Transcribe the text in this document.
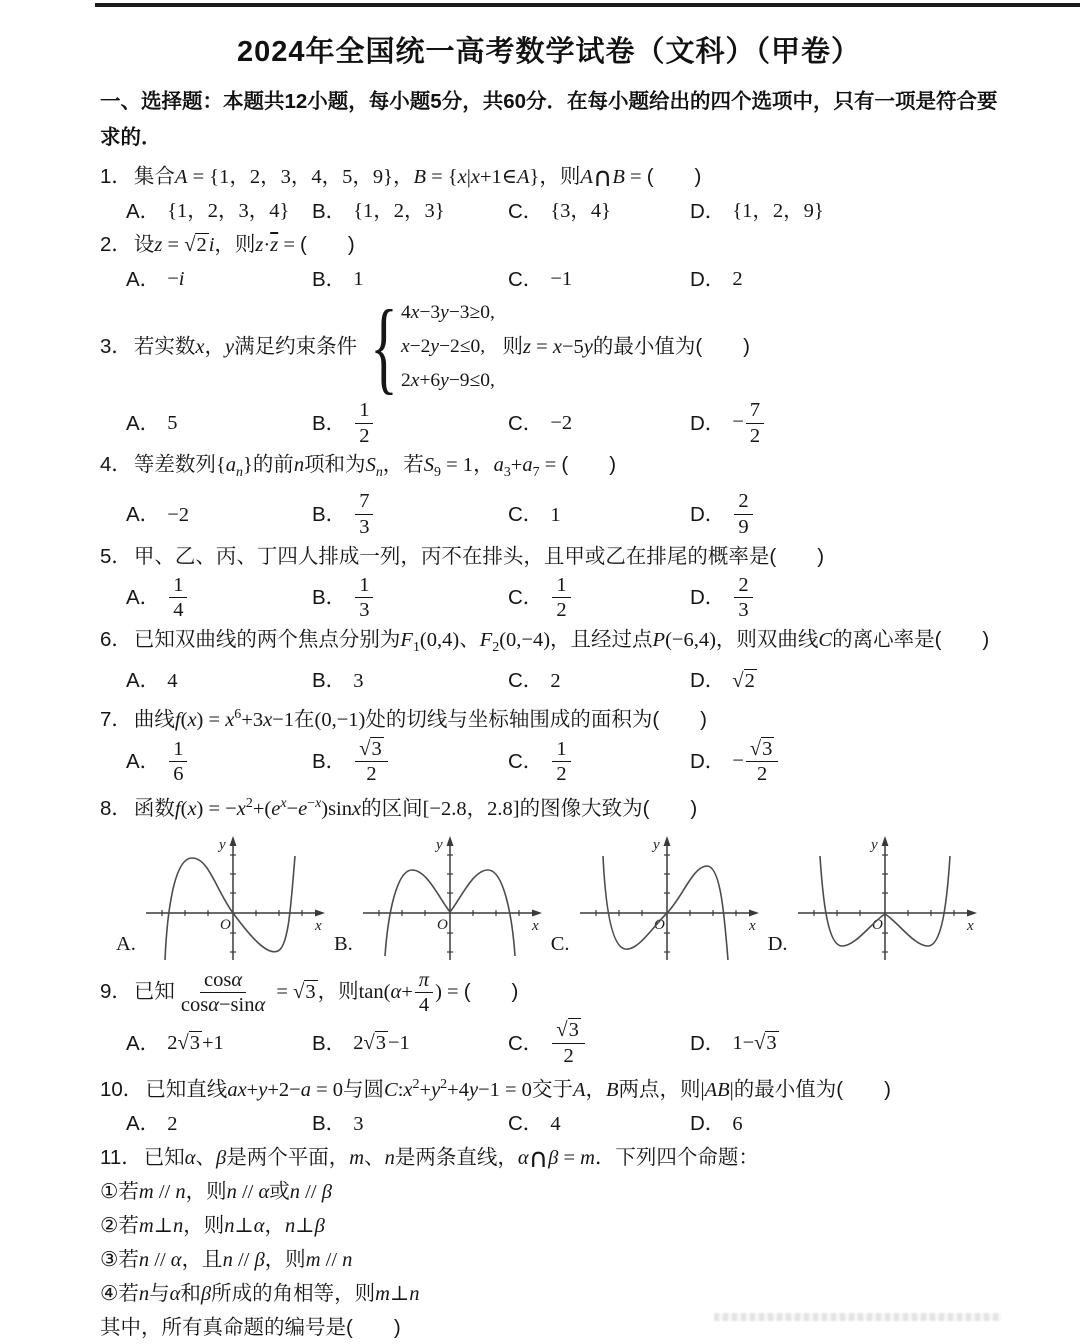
2024年全国统一高考数学试卷（文科）（甲卷）

一、选择题：本题共12小题，每小题5分，共60分．在每小题给出的四个选项中，只有一项是符合要求的．

1．集合A = {1，2，3，4，5，9}，B = {x|x+1∈A}，则A∩B = (  )
A． {1，2，3，4} B． {1，2，3}	C． {3，4}	D． {1，2，9}
2．设z = √2i，则$z\cdot\overline{z}$ = (  )
A． −i	B． 1	C． −1	D． 2
3．若实数x，y满足约束条件 { 4x−3y−3≥0,
x−2y−2≤0,
2x+6y−9≤0,
则z = x−5y的最小值为(  )
A． 5	B． $\frac{1}{2}$	C． −2	D． − $\frac{7}{2}$
4．等差数列$\{a_n\}$的前n项和为$S_n$，若$S_9 = 1$，$a_3+a_7$ = (  )
A． −2	B． $\frac{7}{3}$	C． 1	D． $\frac{2}{9}$
5．甲、乙、丙、丁四人排成一列，丙不在排头，且甲或乙在排尾的概率是(  )
A． $\frac{1}{4}$	B． $\frac{1}{3}$	C． $\frac{1}{2}$	D． $\frac{2}{3}$
6．已知双曲线的两个焦点分别为$F_1(0,4)$、$F_2(0,-4)$，且经过点P(−6,4)，则双曲线C的离心率是(  )
A． 4	B． 3	C． 2	D． √2
7．曲线$f(x) = x^6+3x-1$在(0,−1)处的切线与坐标轴围成的面积为(  )
A． $\frac{1}{6}$	B． $\frac{√3}{2}$	C． $\frac{1}{2}$	D． − $\frac{√3}{2}$
8．函数$f(x) = -x^2+(e^x-e^{-x})\sin x$的区间[−2.8，2.8]的图像大致为(  )
A.
y
x
O
B.
y
x
O
C.
y
x
O
D.
y
x
O
9．已知 $\frac{\cos\alpha}{\cos\alpha-\sin\alpha} = √3$，则$\tan(\alpha+ \frac{\pi}{4}$ ) = (  )
A． 2√3+1	B． 2√3−1	C． $\frac{√3}{2}$	D． 1−√3
10．已知直线ax+y+2−a = 0与圆$C:x^2+y^2+4y-1 = 0$交于A，B两点，则|AB|的最小值为(  )
A． 2	B． 3	C． 4	D． 6
11．已知α、β是两个平面，m、n是两条直线，α∩β = m．下列四个命题：
①若m // n，则n // α或n // β
②若m⊥n，则n⊥α，n⊥β
③若n // α，且n // β，则m // n
④若n与α和β所成的角相等，则m⊥n
其中，所有真命题的编号是(  )
